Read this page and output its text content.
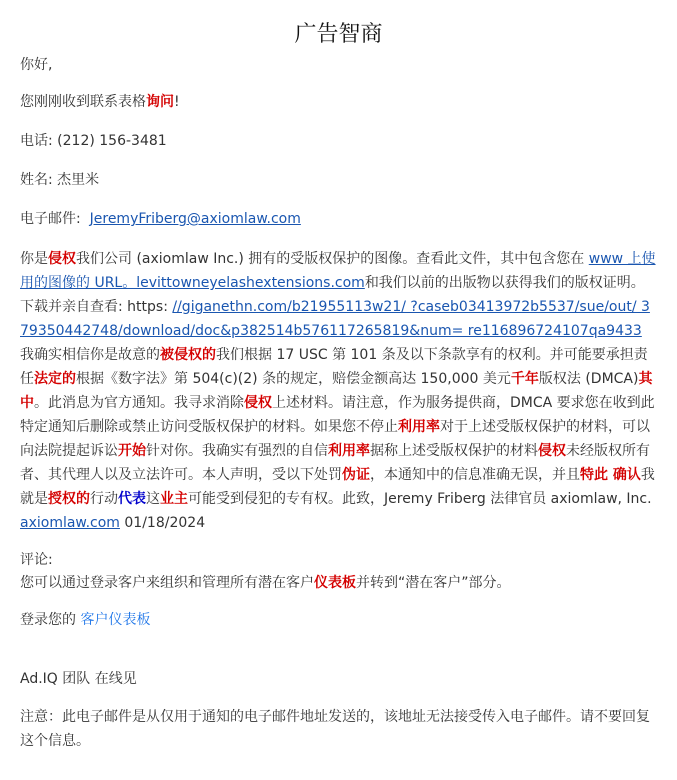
广告智商

你好,

您刚刚收到联系表格询问!

电话: (212) 156-3481

姓名: 杰里米

电子邮件: JeremyFriberg@axiomlaw.com

你是侵权我们公司 (axiomlaw Inc.) 拥有的受版权保护的图像。查看此文件，其中包含您在 www 上使用的图像的 URL。levittowneyelashextensions.com和我们以前的出版物以获得我们的版权证明。下载并亲自查看: https: //giganethn.com/b21955113w21/ ?caseb03413972b5537/sue/out/ 379350442748/download/doc&p382514b576117265819&num= re116896724107qa9433 我确实相信你是故意的被侵权的我们根据 17 USC 第 101 条及以下条款享有的权利。并可能要承担责任法定的根据《数字法》第 504(c)(2) 条的规定，赔偿金额高达 150,000 美元千年版权法 (DMCA)其中。此消息为官方通知。我寻求消除侵权上述材料。请注意，作为服务提供商，DMCA 要求您在收到此特定通知后删除或禁止访问受版权保护的材料。如果您不停止利用率对于上述受版权保护的材料，可以向法院提起诉讼开始针对你。我确实有强烈的自信利用率据称上述受版权保护的材料侵权未经版权所有者、其代理人以及立法许可。本人声明，受以下处罚伪证，本通知中的信息准确无误，并且特此 确认我就是授权的行动代表这业主可能受到侵犯的专有权。此致，Jeremy Friberg 法律官员 axiomlaw, Inc. axiomlaw.com 01/18/2024

评论:

您可以通过登录客户来组织和管理所有潜在客户仪表板并转到“潜在客户”部分。

登录您的 客户仪表板

Ad.IQ 团队 在线见

注意：此电子邮件是从仅用于通知的电子邮件地址发送的，该地址无法接受传入电子邮件。请不要回复这个信息。
